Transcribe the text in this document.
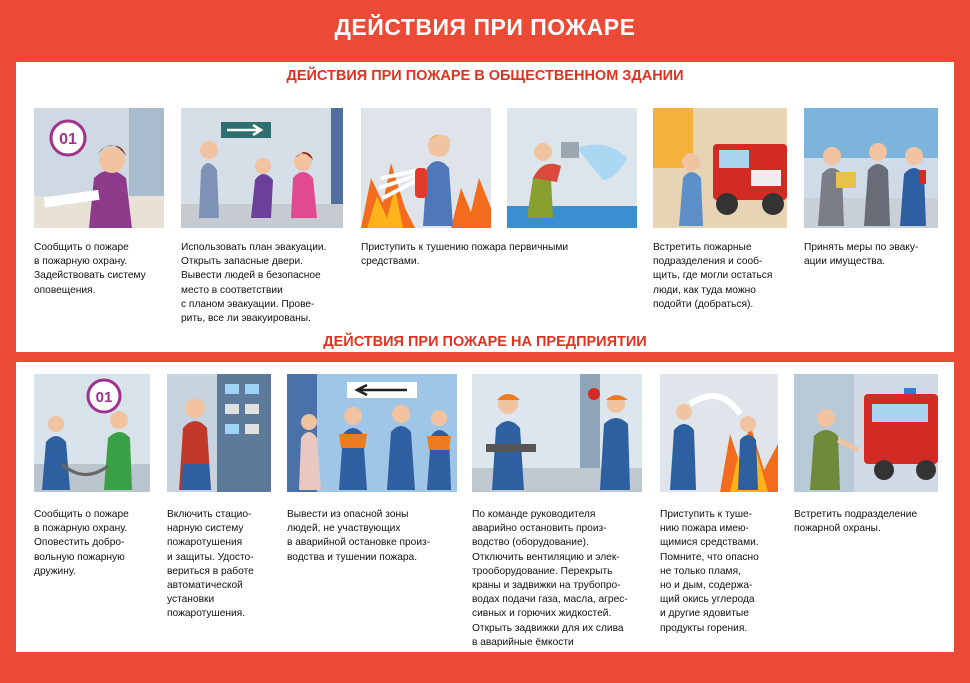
ДЕЙСТВИЯ ПРИ ПОЖАРЕ
ДЕЙСТВИЯ ПРИ ПОЖАРЕ В ОБЩЕСТВЕННОМ ЗДАНИИ
ДЕЙСТВИЯ ПРИ ПОЖАРЕ НА ПРЕДПРИЯТИИ
01
Сообщить о пожаре
в пожарную охрану.
Задействовать систему
оповещения.
Использовать план эвакуации.
Открыть запасные двери.
Вывести людей в безопасное
место в соответствии
с планом эвакуации. Прове-
рить, все ли эвакуированы.
Приступить к тушению пожара первичными
средствами.
Встретить пожарные
подразделения и сооб-
щить, где могли остаться
люди, как туда можно
подойти (добраться).
Принять меры по эваку-
ации имущества.
01
Сообщить о пожаре
в пожарную охрану.
Оповестить добро-
вольную пожарную
дружину.
Включить стацио-
нарную систему
пожаротушения
и защиты. Удосто-
вериться в работе
автоматической
установки
пожаротушения.
Вывести из опасной зоны
людей, не участвующих
в аварийной остановке произ-
водства и тушении пожара.
По команде руководителя
аварийно остановить произ-
водство (оборудование).
Отключить вентиляцию и элек-
трооборудование. Перекрыть
краны и задвижки на трубопро-
водах подачи газа, масла, агрес-
сивных и горючих жидкостей.
Открыть задвижки для их слива
в аварийные ёмкости
Приступить к туше-
нию пожара имею-
щимися средствами.
Помните, что опасно
не только пламя,
но и дым, содержа-
щий окись углерода
и другие ядовитые
продукты горения.
Встретить подразделение
пожарной охраны.
